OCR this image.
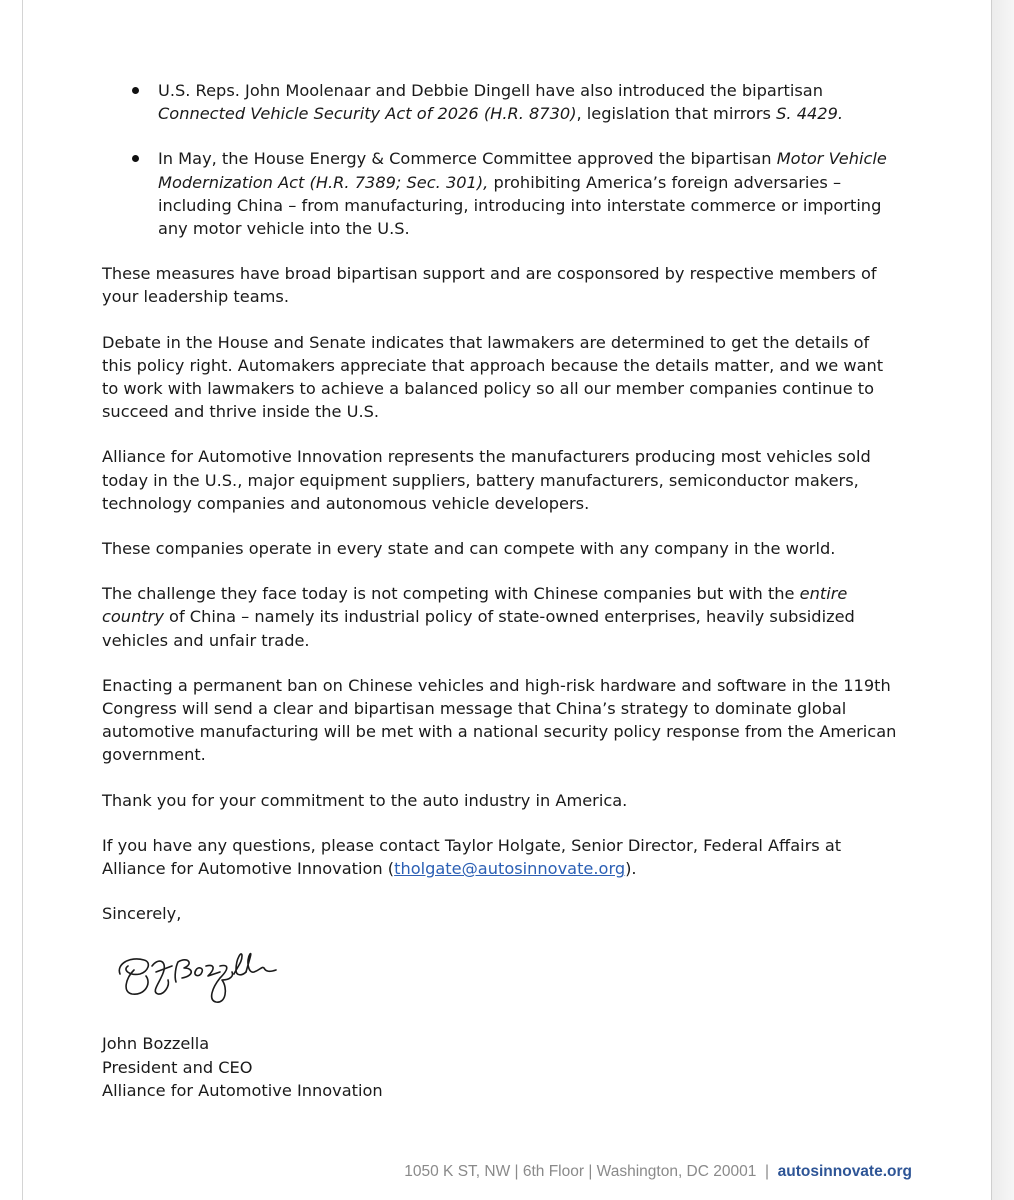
U.S. Reps. John Moolenaar and Debbie Dingell have also introduced the bipartisan Connected Vehicle Security Act of 2026 (H.R. 8730), legislation that mirrors S. 4429.
In May, the House Energy & Commerce Committee approved the bipartisan Motor Vehicle Modernization Act (H.R. 7389; Sec. 301), prohibiting America’s foreign adversaries – including China – from manufacturing, introducing into interstate commerce or importing any motor vehicle into the U.S.

These measures have broad bipartisan support and are cosponsored by respective members of your leadership teams.

Debate in the House and Senate indicates that lawmakers are determined to get the details of this policy right. Automakers appreciate that approach because the details matter, and we want to work with lawmakers to achieve a balanced policy so all our member companies continue to succeed and thrive inside the U.S.

Alliance for Automotive Innovation represents the manufacturers producing most vehicles sold today in the U.S., major equipment suppliers, battery manufacturers, semiconductor makers, technology companies and autonomous vehicle developers.

These companies operate in every state and can compete with any company in the world.

The challenge they face today is not competing with Chinese companies but with the entire country of China – namely its industrial policy of state-owned enterprises, heavily subsidized vehicles and unfair trade.

Enacting a permanent ban on Chinese vehicles and high-risk hardware and software in the 119th Congress will send a clear and bipartisan message that China’s strategy to dominate global automotive manufacturing will be met with a national security policy response from the American government.

Thank you for your commitment to the auto industry in America.

If you have any questions, please contact Taylor Holgate, Senior Director, Federal Affairs at Alliance for Automotive Innovation (tholgate@autosinnovate.org).

Sincerely,

John Bozzella

President and CEO

Alliance for Automotive Innovation

1050 K ST, NW | 6th Floor | Washington, DC 20001 | autosinnovate.org
